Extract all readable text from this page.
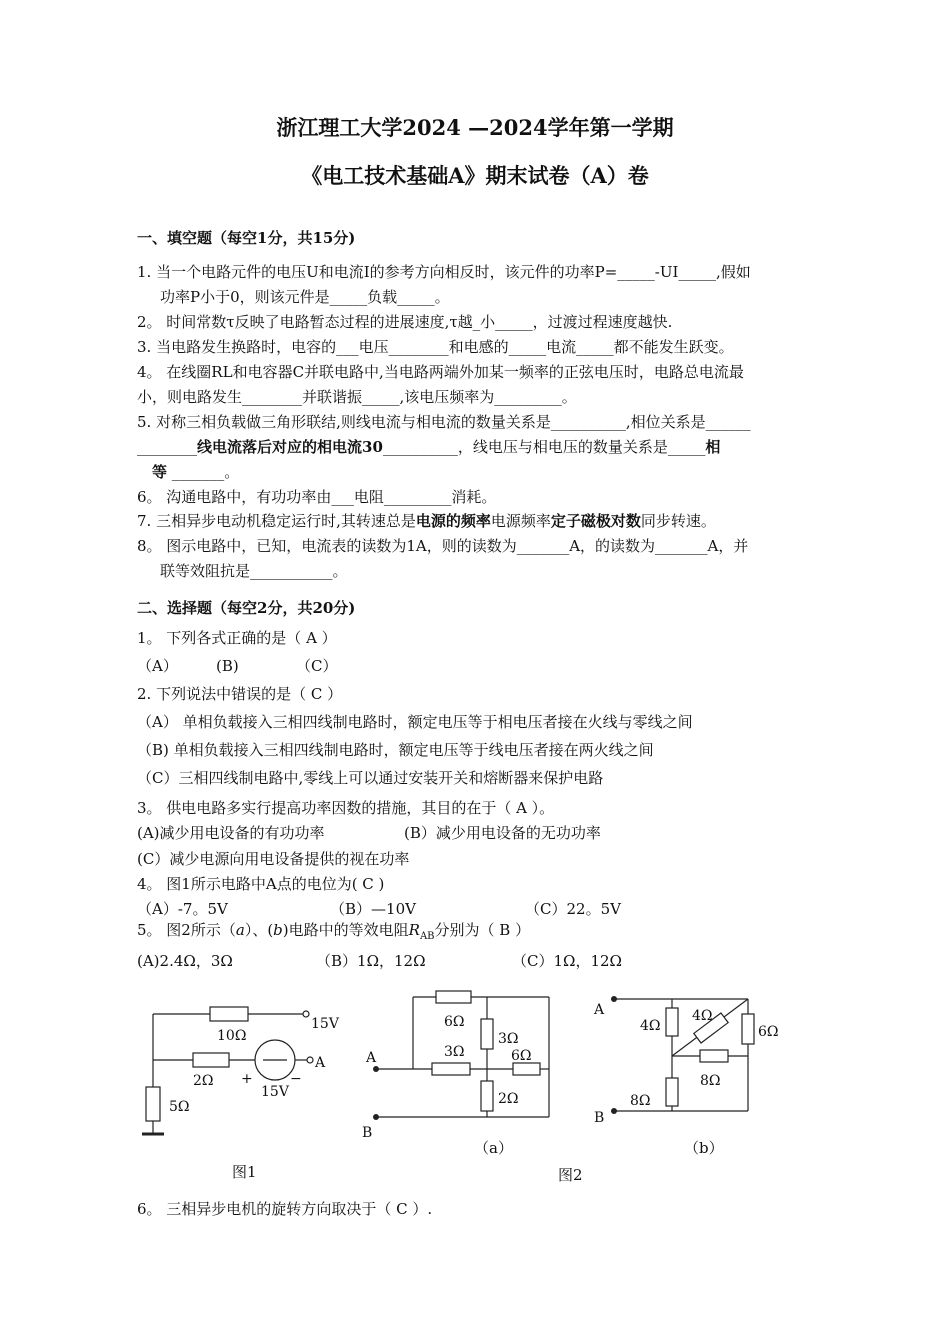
浙江理工大学2024 —2024学年第一学期
《电工技术基础A》期末试卷（A）卷
一、填空题（每空1分，共15分)
1. 当一个电路元件的电压U和电流I的参考方向相反时，该元件的功率P=_____-UI_____,假如
功率P小于0，则该元件是_____负载_____。
2。 时间常数τ反映了电路暂态过程的进展速度,τ越_小_____，过渡过程速度越快.
3. 当电路发生换路时，电容的___电压________和电感的_____电流_____都不能发生跃变。
4。 在线圈RL和电容器C并联电路中,当电路两端外加某一频率的正弦电压时，电路总电流最
小，则电路发生________并联谐振_____,该电压频率为_________。
5. 对称三相负载做三角形联结,则线电流与相电流的数量关系是__________,相位关系是______
________线电流落后对应的相电流30__________，线电压与相电压的数量关系是_____相
等 _______。
6。 沟通电路中，有功功率由___电阻_________消耗。
7. 三相异步电动机稳定运行时,其转速总是电源的频率电源频率定子磁极对数同步转速。
8。 图示电路中，已知，电流表的读数为1A，则的读数为_______A，的读数为_______A，并
联等效阻抗是___________。
二、选择题（每空2分，共20分)
1。 下列各式正确的是（ A ）
（A）	(B)	（C）
2. 下列说法中错误的是（ C ）
（A） 单相负载接入三相四线制电路时，额定电压等于相电压者接在火线与零线之间
（B) 单相负载接入三相四线制电路时，额定电压等于线电压者接在两火线之间
（C）三相四线制电路中,零线上可以通过安装开关和熔断器来保护电路
3。 供电电路多实行提高功率因数的措施，其目的在于（ A ）。
(A)减少用电设备的有功功率	(B）减少用电设备的无功功率
(C）减少电源向用电设备提供的视在功率
4。 图1所示电路中A点的电位为( C )
（A）-7。5V	（B）—10V	（C）22。5V
5。 图2所示（a）、(b)电路中的等效电阻$R_{AB}$分别为（ B ）
(A)2.4Ω，3Ω	（B）1Ω，12Ω	（C）1Ω，12Ω
15V
10Ω
A
2Ω +	−
15V
5Ω
图1
6Ω
3Ω
3Ω	6Ω
2Ω
A
B
（a）
A
4Ω
4Ω
6Ω
8Ω
8Ω
B
（b）
图2
6。 三相异步电机的旋转方向取决于（ C ）.
